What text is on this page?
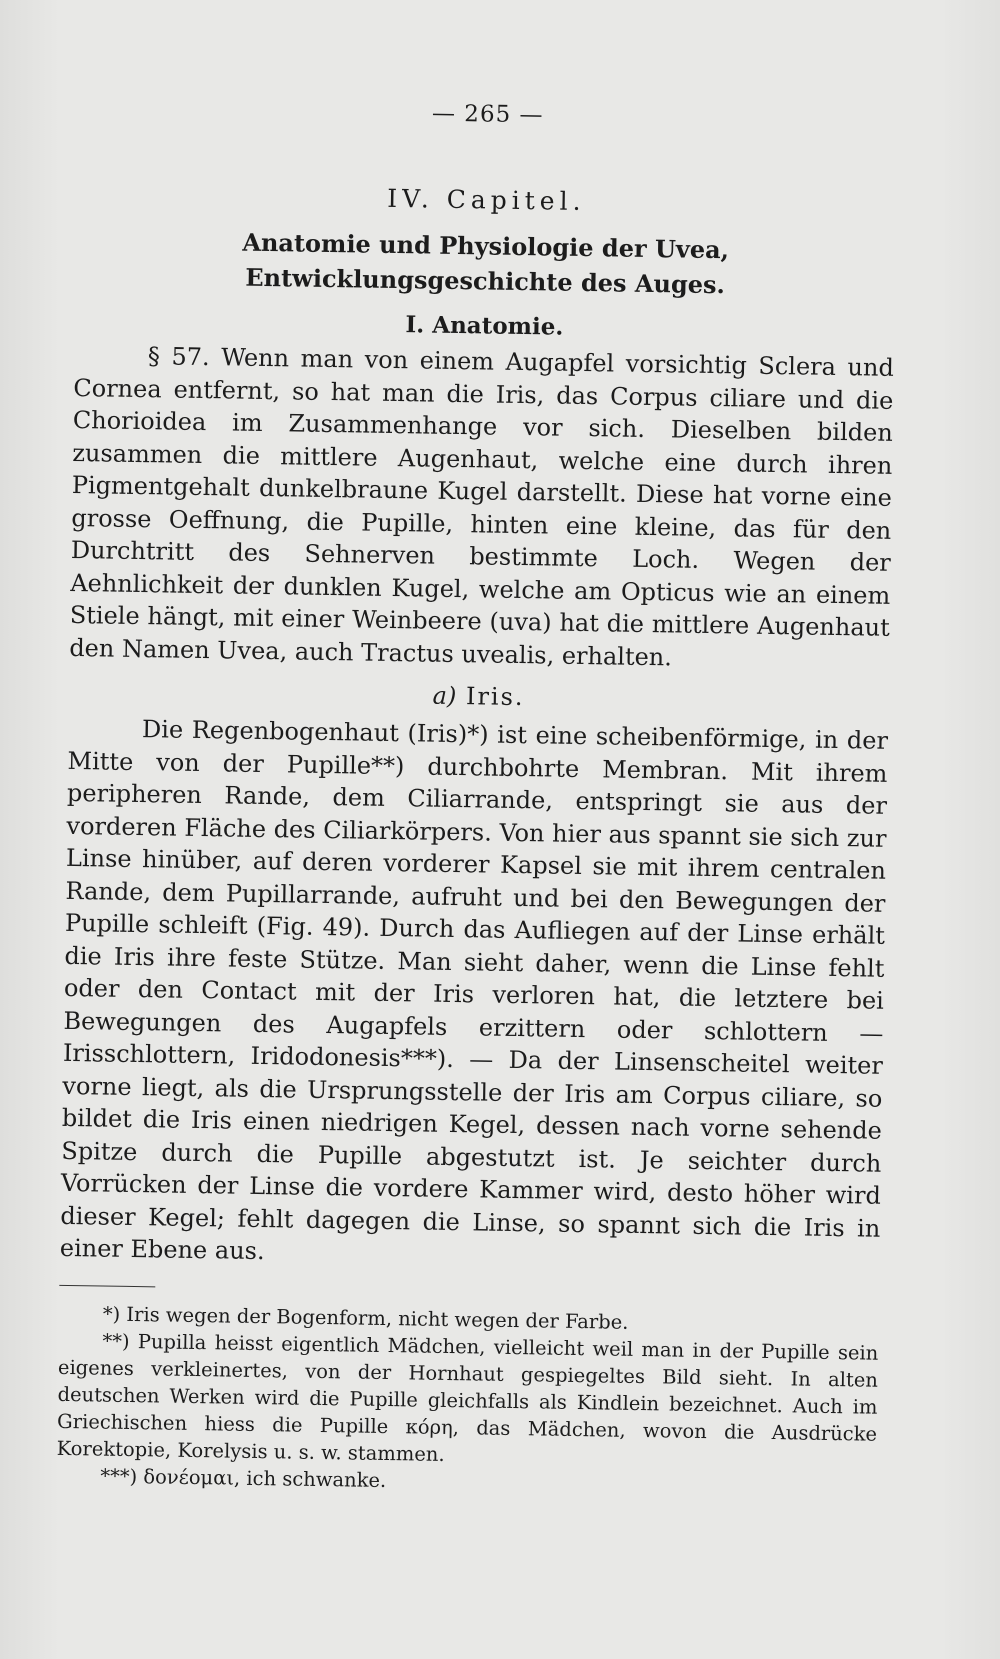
— 265 —
IV. Capitel.
Anatomie und Physiologie der Uvea, Entwicklungsgeschichte des Auges.
I. Anatomie.

§ 57. Wenn man von einem Augapfel vorsichtig Sclera und Cornea entfernt, so hat man die Iris, das Corpus ciliare und die Chorioidea im Zusammenhange vor sich. Dieselben bilden zusammen die mittlere Augenhaut, welche eine durch ihren Pigmentgehalt dunkelbraune Kugel darstellt. Diese hat vorne eine grosse Oeffnung, die Pupille, hinten eine kleine, das für den Durchtritt des Sehnerven bestimmte Loch. Wegen der Aehnlichkeit der dunklen Kugel, welche am Opticus wie an einem Stiele hängt, mit einer Weinbeere (uva) hat die mittlere Augenhaut den Namen Uvea, auch Tractus uvealis, erhalten.

a) Iris.

Die Regenbogenhaut (Iris)*) ist eine scheibenförmige, in der Mitte von der Pupille**) durchbohrte Membran. Mit ihrem peripheren Rande, dem Ciliarrande, entspringt sie aus der vorderen Fläche des Ciliarkörpers. Von hier aus spannt sie sich zur Linse hinüber, auf deren vorderer Kapsel sie mit ihrem centralen Rande, dem Pupillarrande, aufruht und bei den Bewegungen der Pupille schleift (Fig. 49). Durch das Aufliegen auf der Linse erhält die Iris ihre feste Stütze. Man sieht daher, wenn die Linse fehlt oder den Contact mit der Iris verloren hat, die letztere bei Bewegungen des Augapfels erzittern oder schlottern — Irisschlottern, Iridodonesis***). — Da der Linsenscheitel weiter vorne liegt, als die Ursprungsstelle der Iris am Corpus ciliare, so bildet die Iris einen niedrigen Kegel, dessen nach vorne sehende Spitze durch die Pupille abgestutzt ist. Je seichter durch Vorrücken der Linse die vordere Kammer wird, desto höher wird dieser Kegel; fehlt dagegen die Linse, so spannt sich die Iris in einer Ebene aus.

*) Iris wegen der Bogenform, nicht wegen der Farbe.

**) Pupilla heisst eigentlich Mädchen, vielleicht weil man in der Pupille sein eigenes verkleinertes, von der Hornhaut gespiegeltes Bild sieht. In alten deutschen Werken wird die Pupille gleichfalls als Kindlein bezeichnet. Auch im Griechischen hiess die Pupille κόρη, das Mädchen, wovon die Ausdrücke Korektopie, Korelysis u. s. w. stammen.

***) δονέομαι, ich schwanke.
